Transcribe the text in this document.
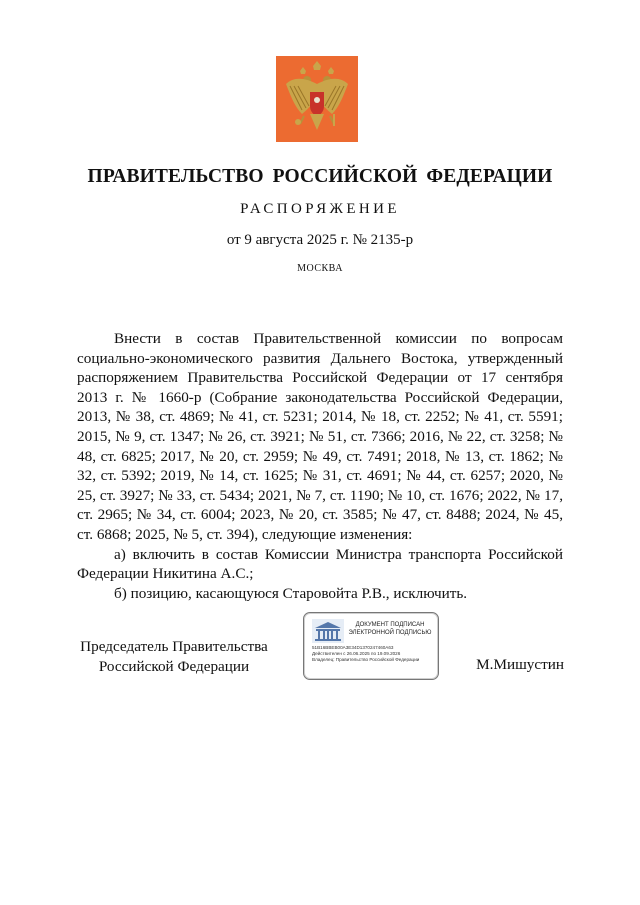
ПРАВИТЕЛЬСТВО РОССИЙСКОЙ ФЕДЕРАЦИИ
РАСПОРЯЖЕНИЕ
от 9 августа 2025 г. № 2135-р
МОСКВА

Внести в состав Правительственной комиссии по вопросам социально-экономического развития Дальнего Востока, утвержденный распоряжением Правительства Российской Федерации от 17 сентября 2013 г. № 1660-р (Собрание законодательства Российской Федерации, 2013, № 38, ст. 4869; № 41, ст. 5231; 2014, № 18, ст. 2252; № 41, ст. 5591; 2015, № 9, ст. 1347; № 26, ст. 3921; № 51, ст. 7366; 2016, № 22, ст. 3258; № 48, ст. 6825; 2017, № 20, ст. 2959; № 49, ст. 7491; 2018, № 13, ст. 1862; № 32, ст. 5392; 2019, № 14, ст. 1625; № 31, ст. 4691; № 44, ст. 6257; 2020, № 25, ст. 3927; № 33, ст. 5434; 2021, № 7, ст. 1190; № 10, ст. 1676; 2022, № 17, ст. 2965; № 34, ст. 6004; 2023, № 20, ст. 3585; № 47, ст. 8488; 2024, № 45, ст. 6868; 2025, № 5, ст. 394), следующие изменения:

а) включить в состав Комиссии Министра транспорта Российской Федерации Никитина А.С.;

б) позицию, касающуюся Старовойта Р.В., исключить.

Председатель Правительства
Российской Федерации
ДОКУМЕНТ ПОДПИСАН
ЭЛЕКТРОННОЙ ПОДПИСЬЮ
51B16BBEB00A3E34D1370247460A63
Действителен с 26.06.2025 по 19.09.2026
Владелец: Правительство Российской Федерации	М.Мишустин
